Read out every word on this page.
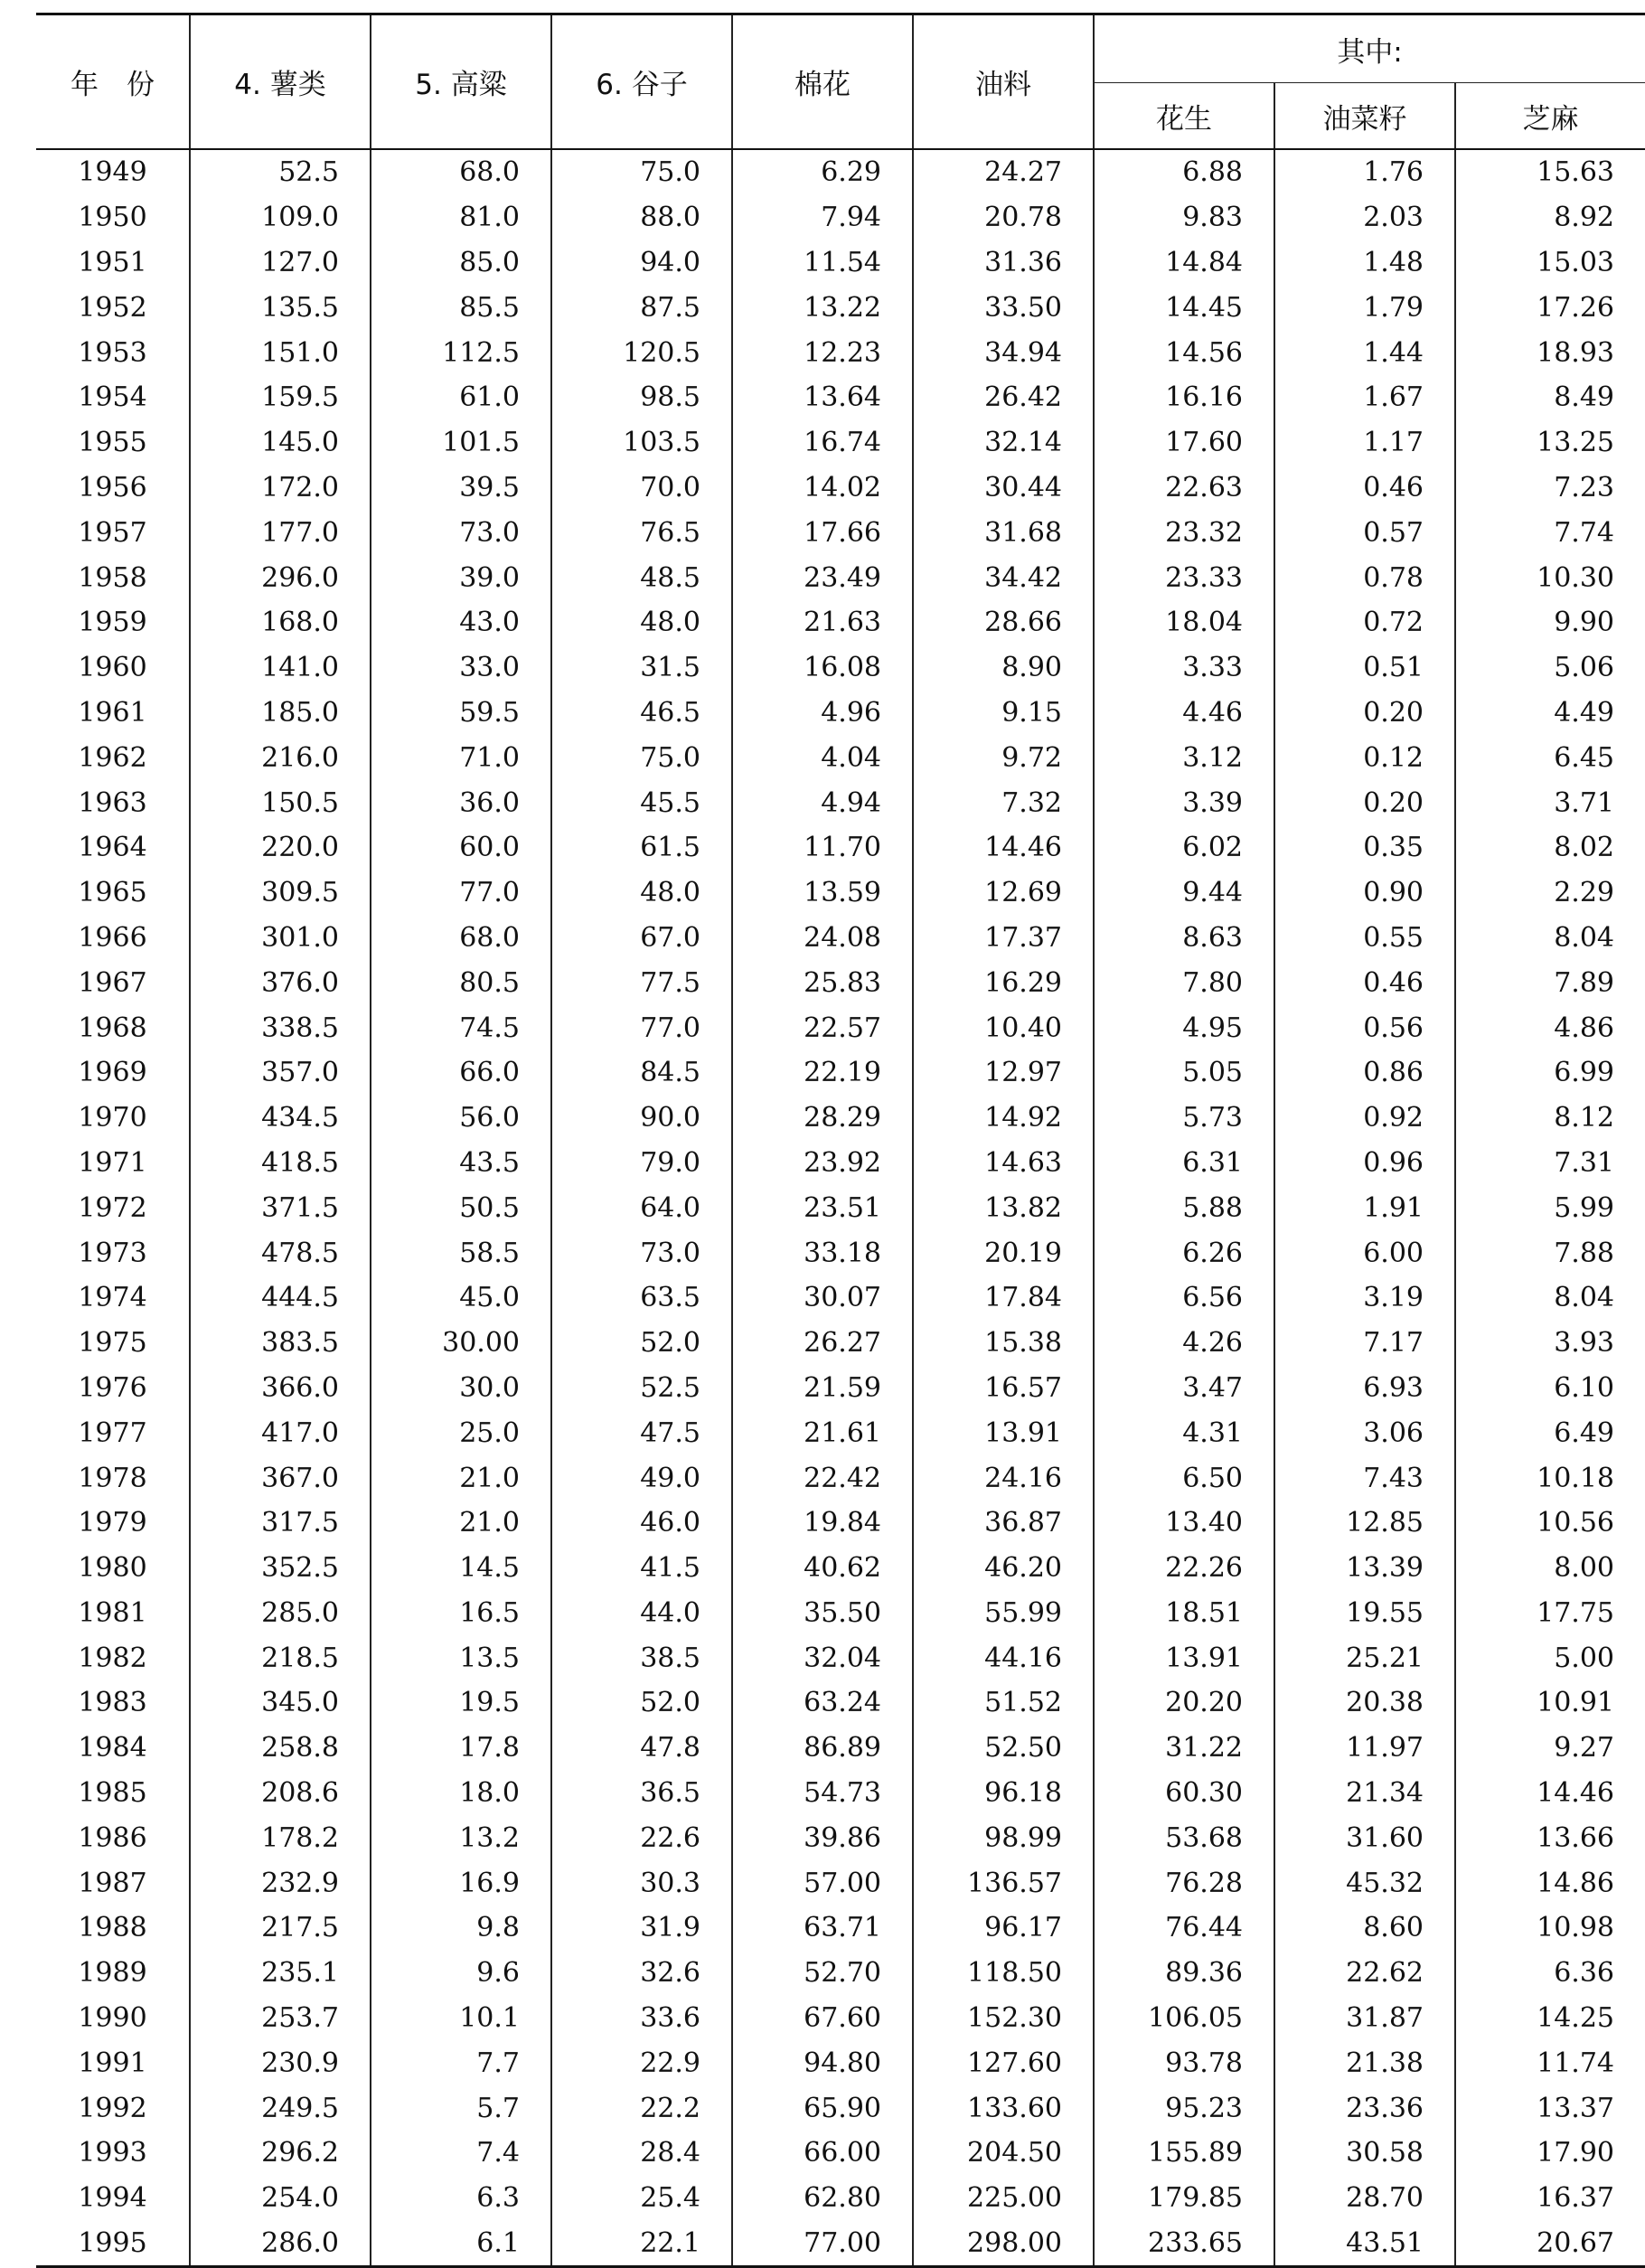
年　份	4. 薯类	5. 高粱	6. 谷子	棉花	油料	其中:		
						花生	油菜籽	芝麻
1949	52.5	68.0	75.0	6.29	24.27	6.88	1.76	15.63
1950	109.0	81.0	88.0	7.94	20.78	9.83	2.03	8.92
1951	127.0	85.0	94.0	11.54	31.36	14.84	1.48	15.03
1952	135.5	85.5	87.5	13.22	33.50	14.45	1.79	17.26
1953	151.0	112.5	120.5	12.23	34.94	14.56	1.44	18.93
1954	159.5	61.0	98.5	13.64	26.42	16.16	1.67	8.49
1955	145.0	101.5	103.5	16.74	32.14	17.60	1.17	13.25
1956	172.0	39.5	70.0	14.02	30.44	22.63	0.46	7.23
1957	177.0	73.0	76.5	17.66	31.68	23.32	0.57	7.74
1958	296.0	39.0	48.5	23.49	34.42	23.33	0.78	10.30
1959	168.0	43.0	48.0	21.63	28.66	18.04	0.72	9.90
1960	141.0	33.0	31.5	16.08	8.90	3.33	0.51	5.06
1961	185.0	59.5	46.5	4.96	9.15	4.46	0.20	4.49
1962	216.0	71.0	75.0	4.04	9.72	3.12	0.12	6.45
1963	150.5	36.0	45.5	4.94	7.32	3.39	0.20	3.71
1964	220.0	60.0	61.5	11.70	14.46	6.02	0.35	8.02
1965	309.5	77.0	48.0	13.59	12.69	9.44	0.90	2.29
1966	301.0	68.0	67.0	24.08	17.37	8.63	0.55	8.04
1967	376.0	80.5	77.5	25.83	16.29	7.80	0.46	7.89
1968	338.5	74.5	77.0	22.57	10.40	4.95	0.56	4.86
1969	357.0	66.0	84.5	22.19	12.97	5.05	0.86	6.99
1970	434.5	56.0	90.0	28.29	14.92	5.73	0.92	8.12
1971	418.5	43.5	79.0	23.92	14.63	6.31	0.96	7.31
1972	371.5	50.5	64.0	23.51	13.82	5.88	1.91	5.99
1973	478.5	58.5	73.0	33.18	20.19	6.26	6.00	7.88
1974	444.5	45.0	63.5	30.07	17.84	6.56	3.19	8.04
1975	383.5	30.00	52.0	26.27	15.38	4.26	7.17	3.93
1976	366.0	30.0	52.5	21.59	16.57	3.47	6.93	6.10
1977	417.0	25.0	47.5	21.61	13.91	4.31	3.06	6.49
1978	367.0	21.0	49.0	22.42	24.16	6.50	7.43	10.18
1979	317.5	21.0	46.0	19.84	36.87	13.40	12.85	10.56
1980	352.5	14.5	41.5	40.62	46.20	22.26	13.39	8.00
1981	285.0	16.5	44.0	35.50	55.99	18.51	19.55	17.75
1982	218.5	13.5	38.5	32.04	44.16	13.91	25.21	5.00
1983	345.0	19.5	52.0	63.24	51.52	20.20	20.38	10.91
1984	258.8	17.8	47.8	86.89	52.50	31.22	11.97	9.27
1985	208.6	18.0	36.5	54.73	96.18	60.30	21.34	14.46
1986	178.2	13.2	22.6	39.86	98.99	53.68	31.60	13.66
1987	232.9	16.9	30.3	57.00	136.57	76.28	45.32	14.86
1988	217.5	9.8	31.9	63.71	96.17	76.44	8.60	10.98
1989	235.1	9.6	32.6	52.70	118.50	89.36	22.62	6.36
1990	253.7	10.1	33.6	67.60	152.30	106.05	31.87	14.25
1991	230.9	7.7	22.9	94.80	127.60	93.78	21.38	11.74
1992	249.5	5.7	22.2	65.90	133.60	95.23	23.36	13.37
1993	296.2	7.4	28.4	66.00	204.50	155.89	30.58	17.90
1994	254.0	6.3	25.4	62.80	225.00	179.85	28.70	16.37
1995	286.0	6.1	22.1	77.00	298.00	233.65	43.51	20.67
